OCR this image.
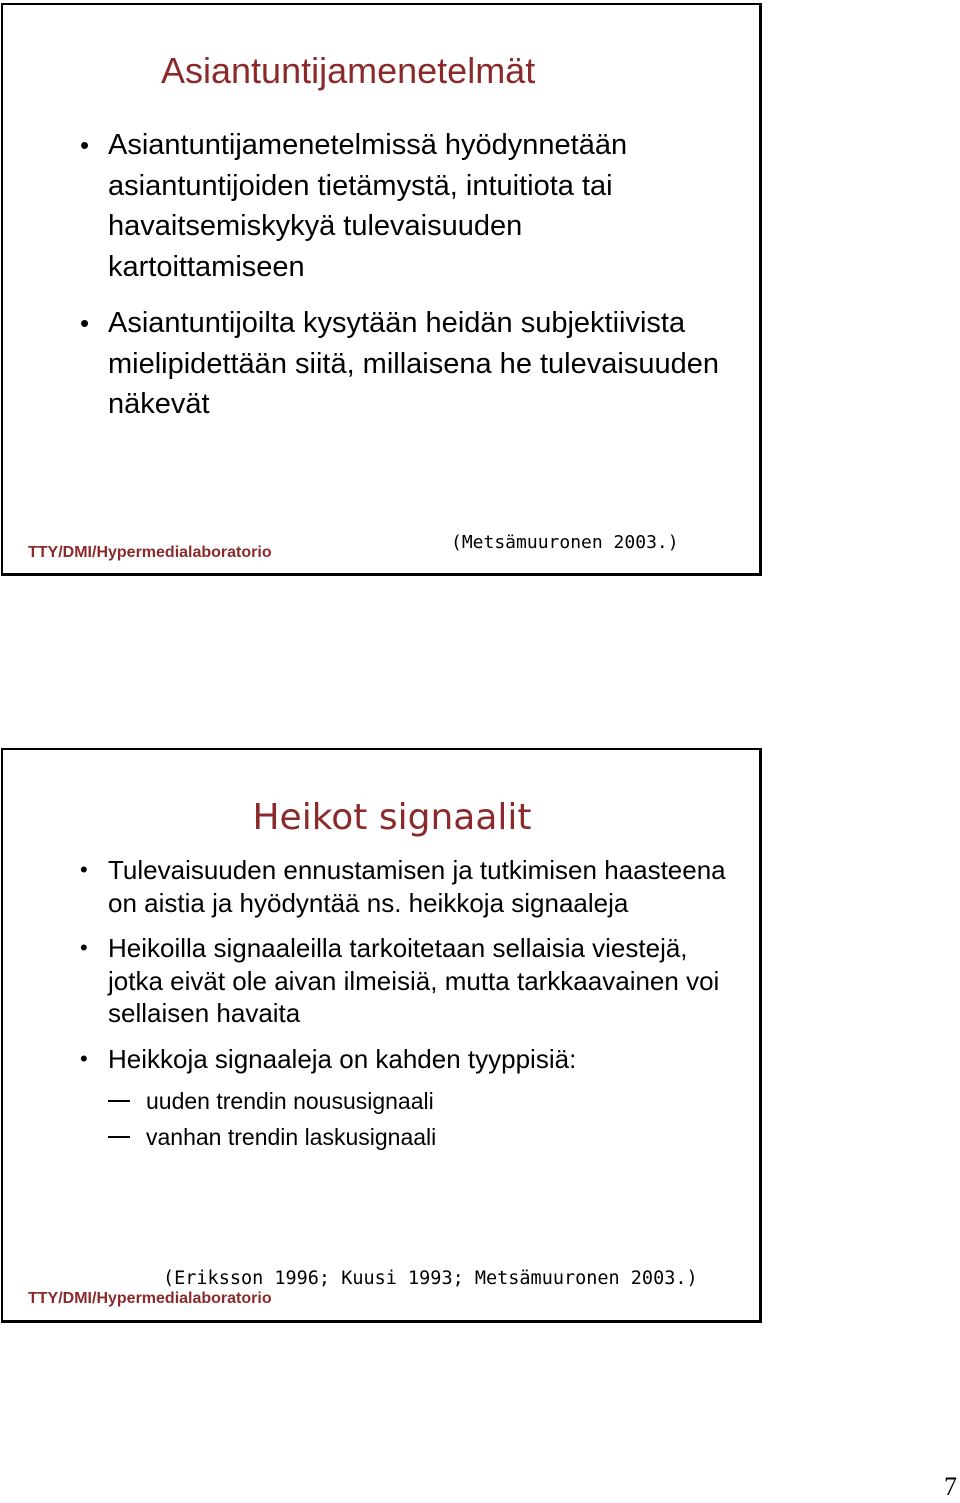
Asiantuntijamenetelmät
• Asiantuntijamenetelmissä hyödynnetään asiantuntijoiden tietämystä, intuitiota tai havaitsemiskykyä tulevaisuuden kartoittamiseen
• Asiantuntijoilta kysytään heidän subjektiivista mielipidettään siitä, millaisena he tulevaisuuden näkevät
(Metsämuuronen 2003.)
TTY/DMI/Hypermedialaboratorio
Heikot signaalit
• Tulevaisuuden ennustamisen ja tutkimisen haasteena on aistia ja hyödyntää ns. heikkoja signaaleja
• Heikoilla signaaleilla tarkoitetaan sellaisia viestejä, jotka eivät ole aivan ilmeisiä, mutta tarkkaavainen voi sellaisen havaita
• Heikkoja signaaleja on kahden tyyppisiä:
uuden trendin noususignaali
vanhan trendin laskusignaali
(Eriksson 1996; Kuusi 1993; Metsämuuronen 2003.)
TTY/DMI/Hypermedialaboratorio
7
